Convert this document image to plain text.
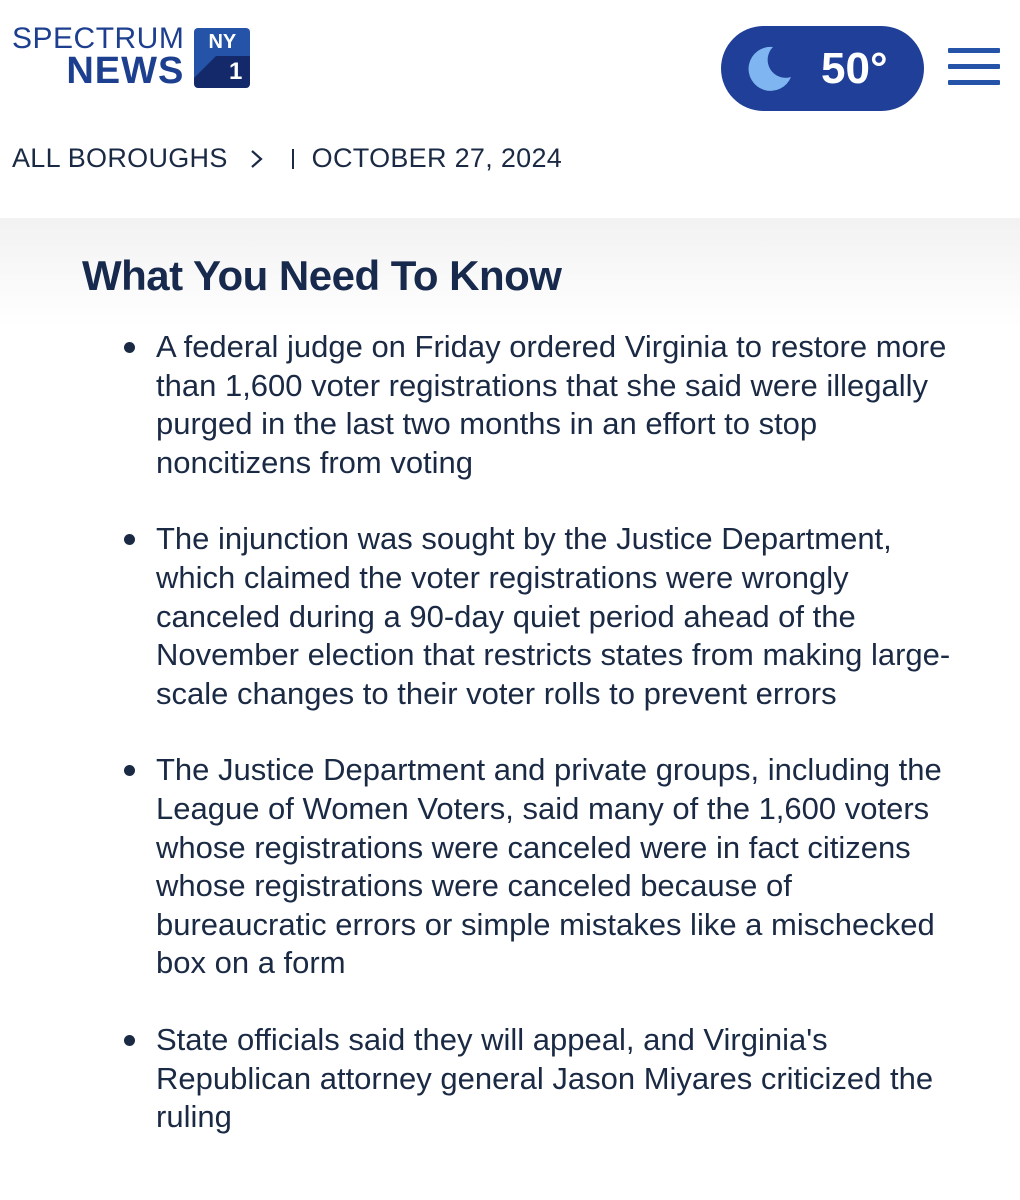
SPECTRUM
NEWS
NY
1	50°
ALL BOROUGHS	OCTOBER 27, 2024
What You Need To Know
A federal judge on Friday ordered Virginia to restore more than 1,600 voter registrations that she said were illegally purged in the last two months in an effort to stop noncitizens from voting
The injunction was sought by the Justice Department, which claimed the voter registrations were wrongly canceled during a 90-day quiet period ahead of the November election that restricts states from making large-scale changes to their voter rolls to prevent errors
The Justice Department and private groups, including the League of Women Voters, said many of the 1,600 voters whose registrations were canceled were in fact citizens whose registrations were canceled because of bureaucratic errors or simple mistakes like a mischecked box on a form
State officials said they will appeal, and Virginia's Republican attorney general Jason Miyares criticized the ruling
